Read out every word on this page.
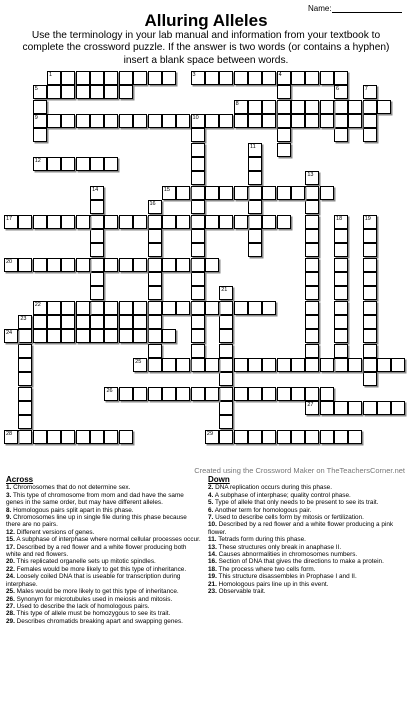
Name:
Alluring Alleles
Use the terminology in your lab manual and information from your textbook to complete the crossword puzzle. If the answer is two words (or contains a hyphen) insert a blank space between words.
1	3	4
5
9
6	7
8
10
11
12
13
14	15
16
17	18	19
20
21
22
23
24
25
26
27
28	29
Created using the Crossword Maker on TheTeachersCorner.net
Across
1. Chromosomes that do not determine sex.
3. This type of chromosome from mom and dad have the same genes in the same order, but may have different alleles.
8. Homologous pairs split apart in this phase.
9. Chromosomes line up in single file during this phase because there are no pairs.
12. Different versions of genes.
15. A subphase of interphase where normal cellular processes occur.
17. Described by a red flower and a white flower producing both white and red flowers.
20. This replicated organelle sets up mitotic spindles.
22. Females would be more likely to get this type of inheritance.
24. Loosely coiled DNA that is useable for transcription during interphase.
25. Males would be more likely to get this type of inheritance.
26. Synonym for microtubules used in meiosis and mitosis.
27. Used to describe the lack of homologous pairs.
28. This type of allele must be homozygous to see its trait.
29. Describes chromatids breaking apart and swapping genes.
Down
2. DNA replication occurs during this phase.
4. A subphase of interphase; quality control phase.
5. Type of allele that only needs to be present to see its trait.
6. Another term for homologous pair.
7. Used to describe cells form by mitosis or fertilization.
10. Described by a red flower and a white flower producing a pink flower.
11. Tetrads form during this phase.
13. These structures only break in anaphase II.
14. Causes abnormalities in chromosomes numbers.
16. Section of DNA that gives the directions to make a protein.
18. The process where two cells form.
19. This structure disassembles in Prophase I and II.
21. Homologous pairs line up in this event.
23. Observable trait.
